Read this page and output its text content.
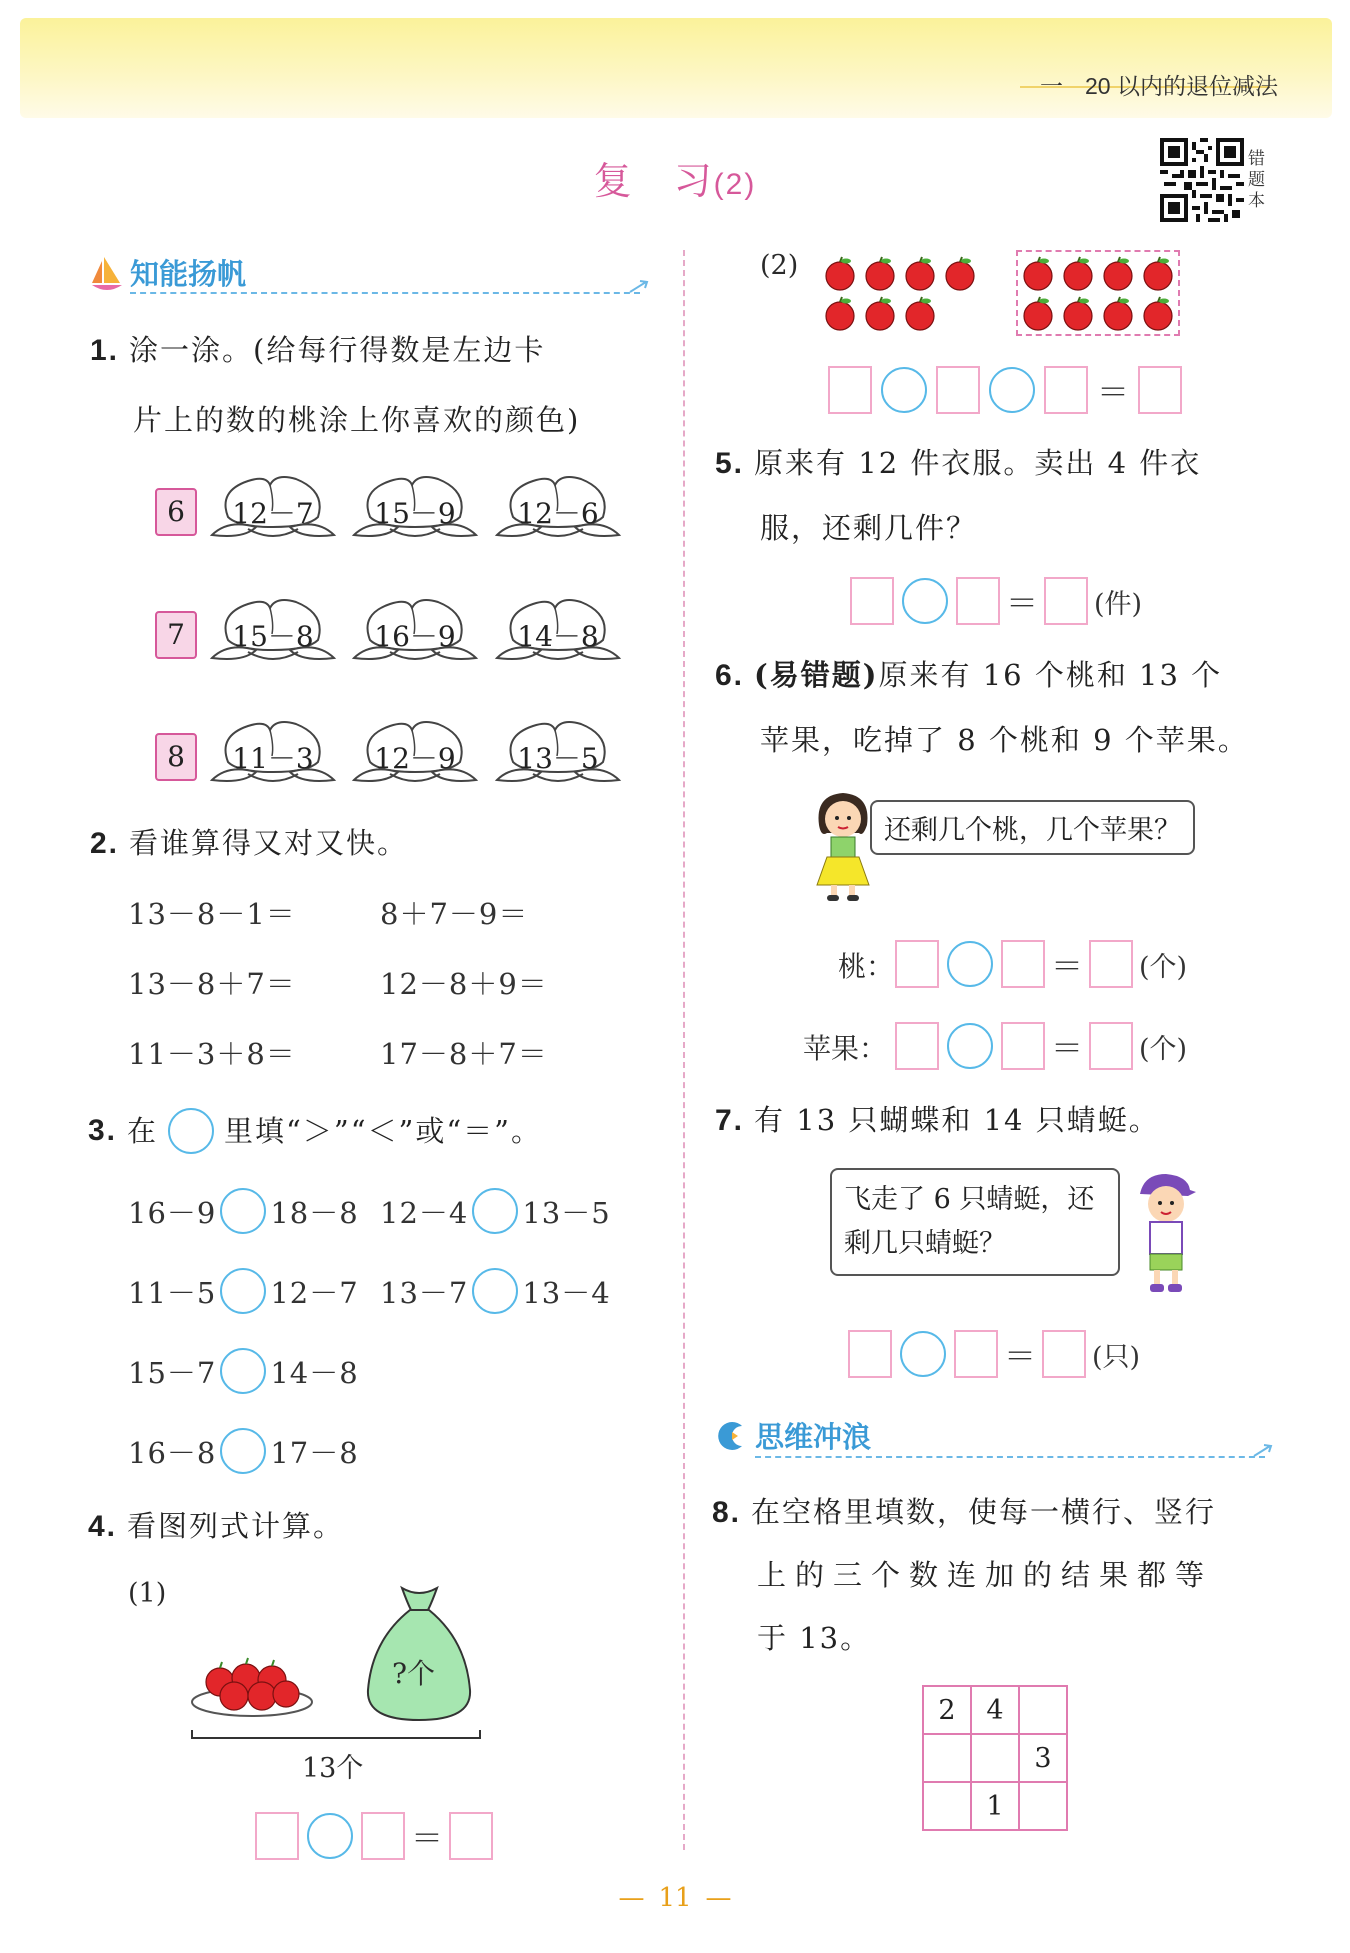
一 20 以内的退位减法
复　习(2)
错题本
知能扬帆
1. 涂一涂。(给每行得数是左边卡
片上的数的桃涂上你喜欢的颜色)
6	12－7	15－9	12－6
7	15－8	16－9	14－8
8	11－3	12－9	13－5
2. 看谁算得又对又快。
13－8－1＝	8＋7－9＝
13－8＋7＝	12－8＋9＝
11－3＋8＝	17－8＋7＝
3. 在 里填“＞”“＜”或“＝”。
16－9 18－8 12－4 13－5
11－5 12－7 13－7 13－4
15－7 14－8
16－8 17－8
4. 看图列式计算。
(1)
?个
13个
＝
(2)
＝
5. 原来有 12 件衣服。卖出 4 件衣
服，还剩几件？
＝ (件)
6. (易错题)原来有 16 个桃和 13 个
苹果，吃掉了 8 个桃和 9 个苹果。
还剩几个桃，几个苹果？
桃：	＝ (个)
苹果：	＝ (个)
7. 有 13 只蝴蝶和 14 只蜻蜓。
飞走了 6 只蜻蜓，还
剩几只蜻蜓？
＝ (只)
思维冲浪
8. 在空格里填数，使每一横行、竖行
上的三个数连加的结果都等
于 13。
2	4	
		3
	1	
— 11 —
